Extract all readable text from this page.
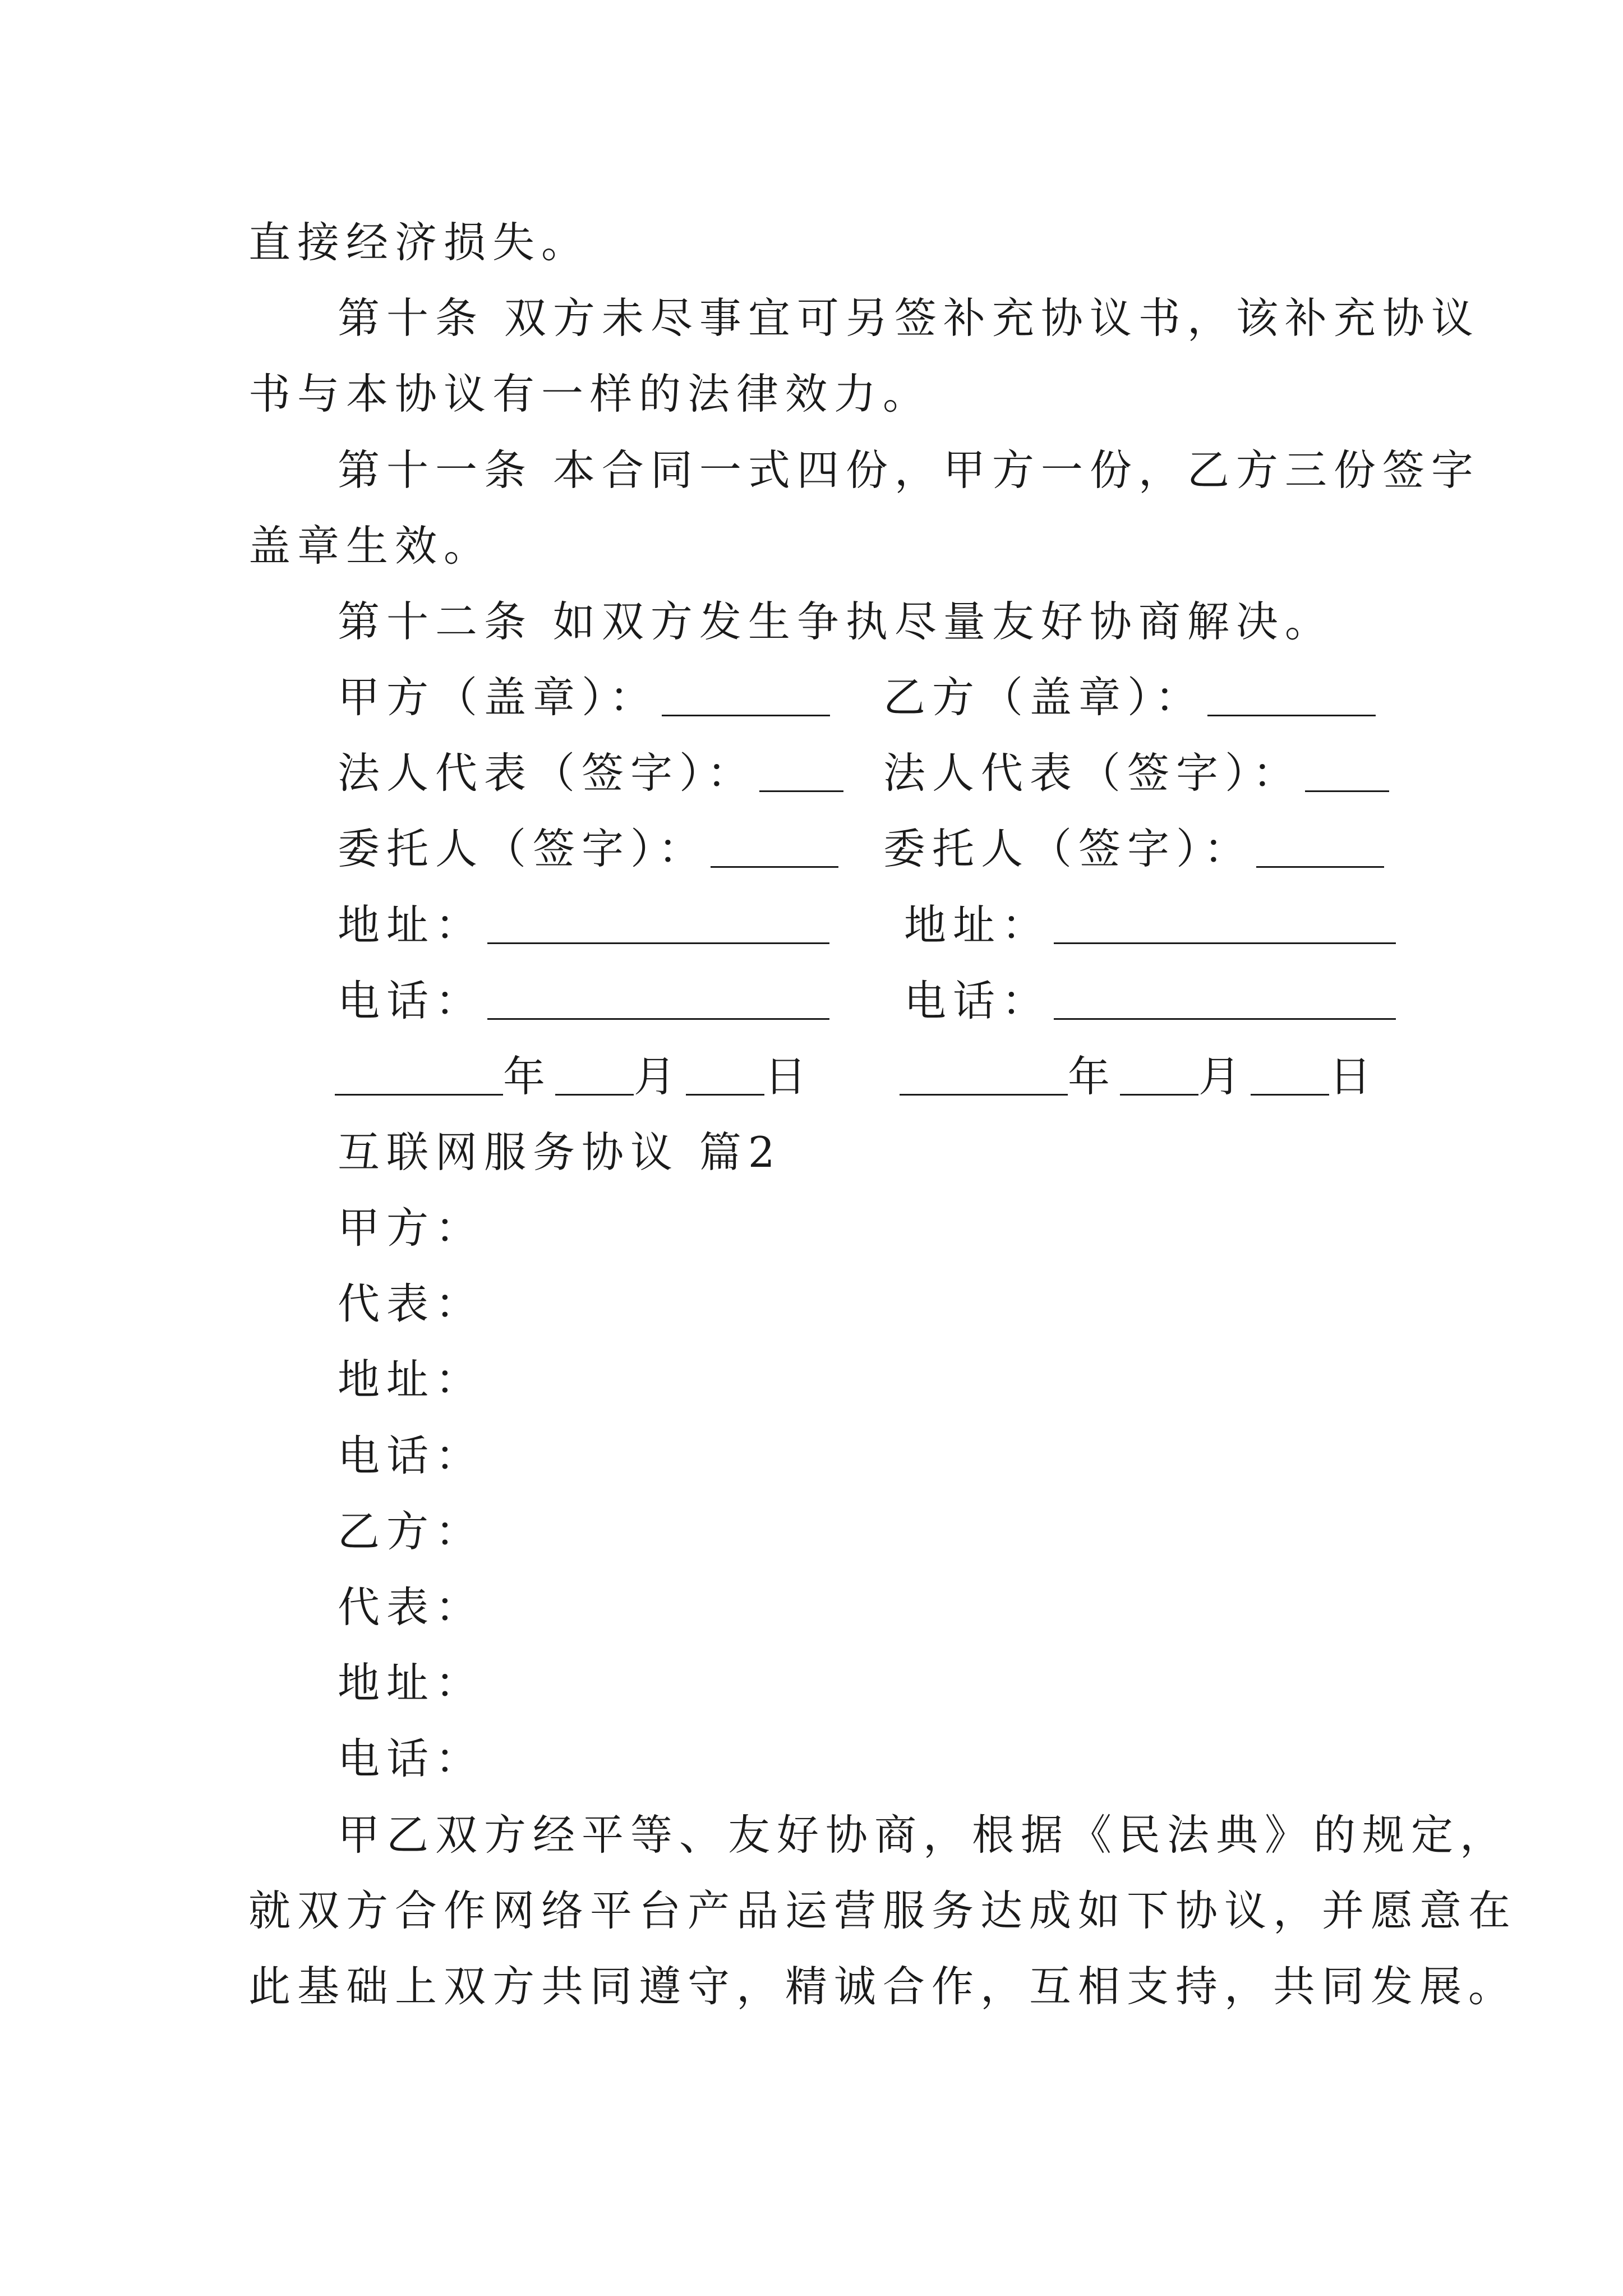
直接经济损失。
第十条 双方未尽事宜可另签补充协议书，该补充协议
书与本协议有一样的法律效力。
第十一条 本合同一式四份，甲方一份，乙方三份签字
盖章生效。
第十二条 如双方发生争执尽量友好协商解决。
甲方（盖章）：	乙方（盖章）：
法人代表（签字）：	法人代表（签字）：
委托人（签字）：	委托人（签字）：
地址：	地址：
电话：	电话：
年 月 日	年 月 日
互联网服务协议 篇2
甲方：
代表：
地址：
电话：
乙方：
代表：
地址：
电话：
甲乙双方经平等、友好协商，根据《民法典》的规定，
就双方合作网络平台产品运营服务达成如下协议，并愿意在
此基础上双方共同遵守，精诚合作，互相支持，共同发展。
